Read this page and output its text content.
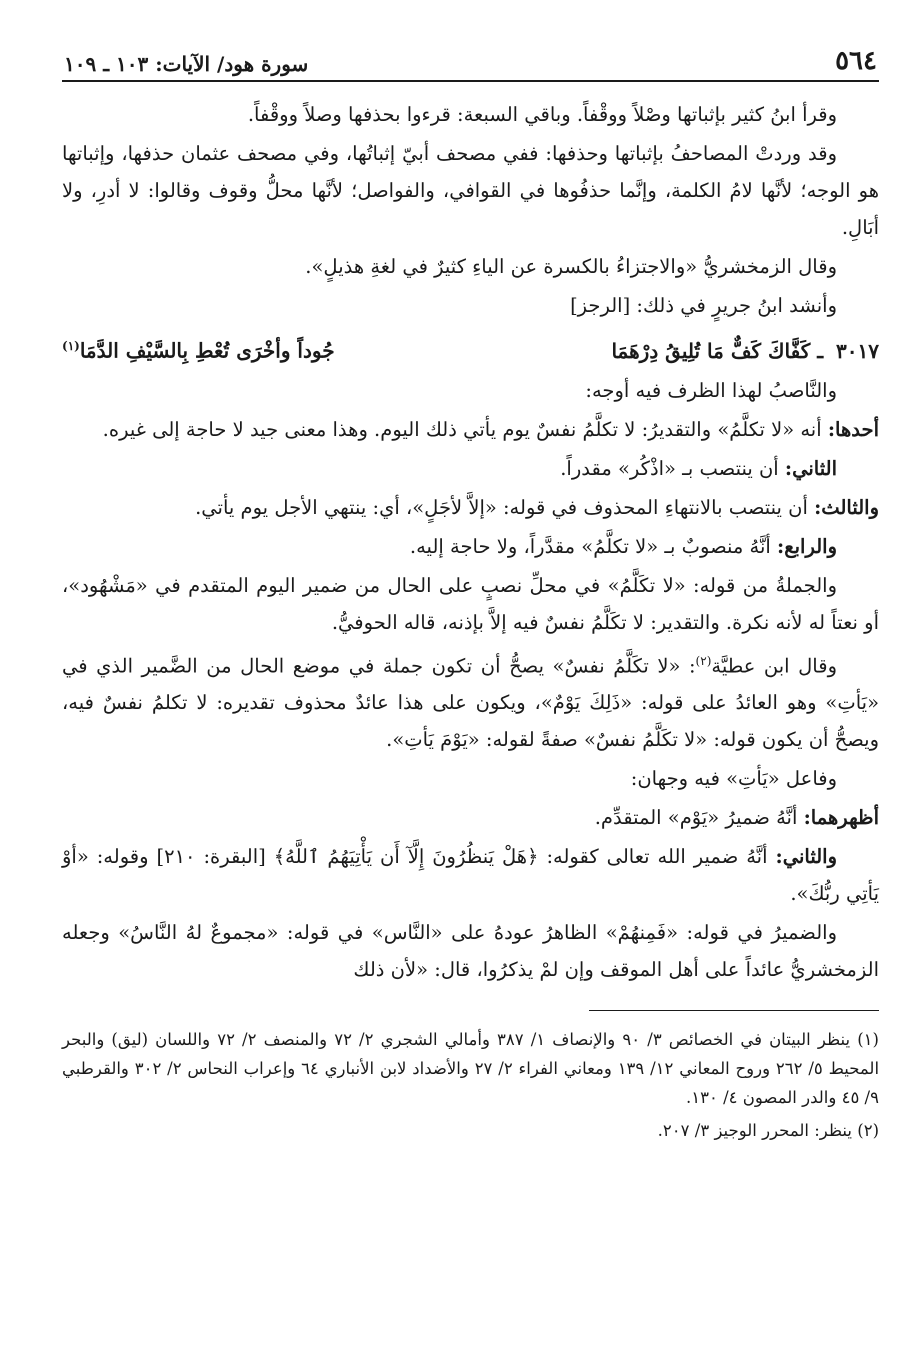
٥٦٤
سورة هود/ الآيات: ١٠٣ ـ ١٠٩

وقرأ ابنُ كثير بإثباتها وصْلاً ووقْفاً. وباقي السبعة: قرءوا بحذفها وصلاً ووقْفاً.

وقد وردتْ المصاحفُ بإثباتها وحذفها: ففي مصحف أبيّ إثباتُها، وفي مصحف عثمان حذفها، وإثباتها هو الوجه؛ لأنَّها لامُ الكلمة، وإنَّما حذفُوها في القوافي، والفواصل؛ لأنَّها محلُّ وقوف وقالوا: لا أدرِ، ولا أبَالِ.

وقال الزمخشريُّ «والاجتزاءُ بالكسرة عن الياءِ كثيرٌ في لغةِ هذيلٍ».

وأنشد ابنُ جريرٍ في ذلك: [الرجز]

٣٠١٧ ـ كَفَّاكَ كَفٌّ مَا تُلِيقُ دِرْهَمَا
جُوداً وأخْرَى تُعْطِ بِالسَّيْفِ الدَّمَا$^{(١)}$

والنَّاصبُ لهذا الظرف فيه أوجه:

أحدها: أنه «لا تكلَّمُ» والتقديرُ: لا تكلَّمُ نفسٌ يوم يأتي ذلك اليوم. وهذا معنى جيد لا حاجة إلى غيره.

الثاني: أن ينتصب بـ «اذْكُر» مقدراً.

والثالث: أن ينتصب بالانتهاءِ المحذوف في قوله: «إلاَّ لأجَلٍ»، أي: ينتهي الأجل يوم يأتي.

والرابع: أنَّهُ منصوبٌ بـ «لا تكلَّمُ» مقدَّراً، ولا حاجة إليه.

والجملةُ من قوله: «لا تكَلَّمُ» في محلِّ نصبٍ على الحال من ضمير اليوم المتقدم في «مَشْهُود»، أو نعتاً له لأنه نكرة. والتقدير: لا تكَلَّمُ نفسٌ فيه إلاَّ بإذنه، قاله الحوفيُّ.

وقال ابن عطيَّة$^{(٢)}$: «لا تكَلَّمُ نفسٌ» يصحُّ أن تكون جملة في موضع الحال من الضَّمير الذي في «يَأتِ» وهو العائدُ على قوله: «ذَلِكَ يَوْمٌ»، ويكون على هذا عائدٌ محذوف تقديره: لا تكلمُ نفسٌ فيه، ويصحُّ أن يكون قوله: «لا تكَلَّمُ نفسٌ» صفةً لقوله: «يَوْمَ يَأتِ».

وفاعل «يَأتِ» فيه وجهان:

أظهرهما: أنَّهُ ضميرُ «يَوْم» المتقدِّم.

والثاني: أنَّهُ ضمير الله تعالى كقوله: ﴿هَلْ يَنظُرُونَ إِلَّآ أَن يَأْتِيَهُمُ ٱللَّهُ﴾ [البقرة: ٢١٠] وقوله: «أوْ يَأتِي ربُّكَ».

والضميرُ في قوله: «فَمِنهُمْ» الظاهرُ عودهُ على «النَّاس» في قوله: «مجموعٌ لهُ النَّاسُ» وجعله الزمخشريُّ عائداً على أهل الموقف وإن لمْ يذكرُوا، قال: «لأن ذلك

(١) ينظر البيتان في الخصائص ٣/ ٩٠ والإنصاف ١/ ٣٨٧ وأمالي الشجري ٢/ ٧٢ والمنصف ٢/ ٧٢ واللسان (ليق) والبحر المحيط ٥/ ٢٦٢ وروح المعاني ١٢/ ١٣٩ ومعاني الفراء ٢/ ٢٧ والأضداد لابن الأنباري ٦٤ وإعراب النحاس ٢/ ٣٠٢ والقرطبي ٩/ ٤٥ والدر المصون ٤/ ١٣٠.

(٢) ينظر: المحرر الوجيز ٣/ ٢٠٧.
